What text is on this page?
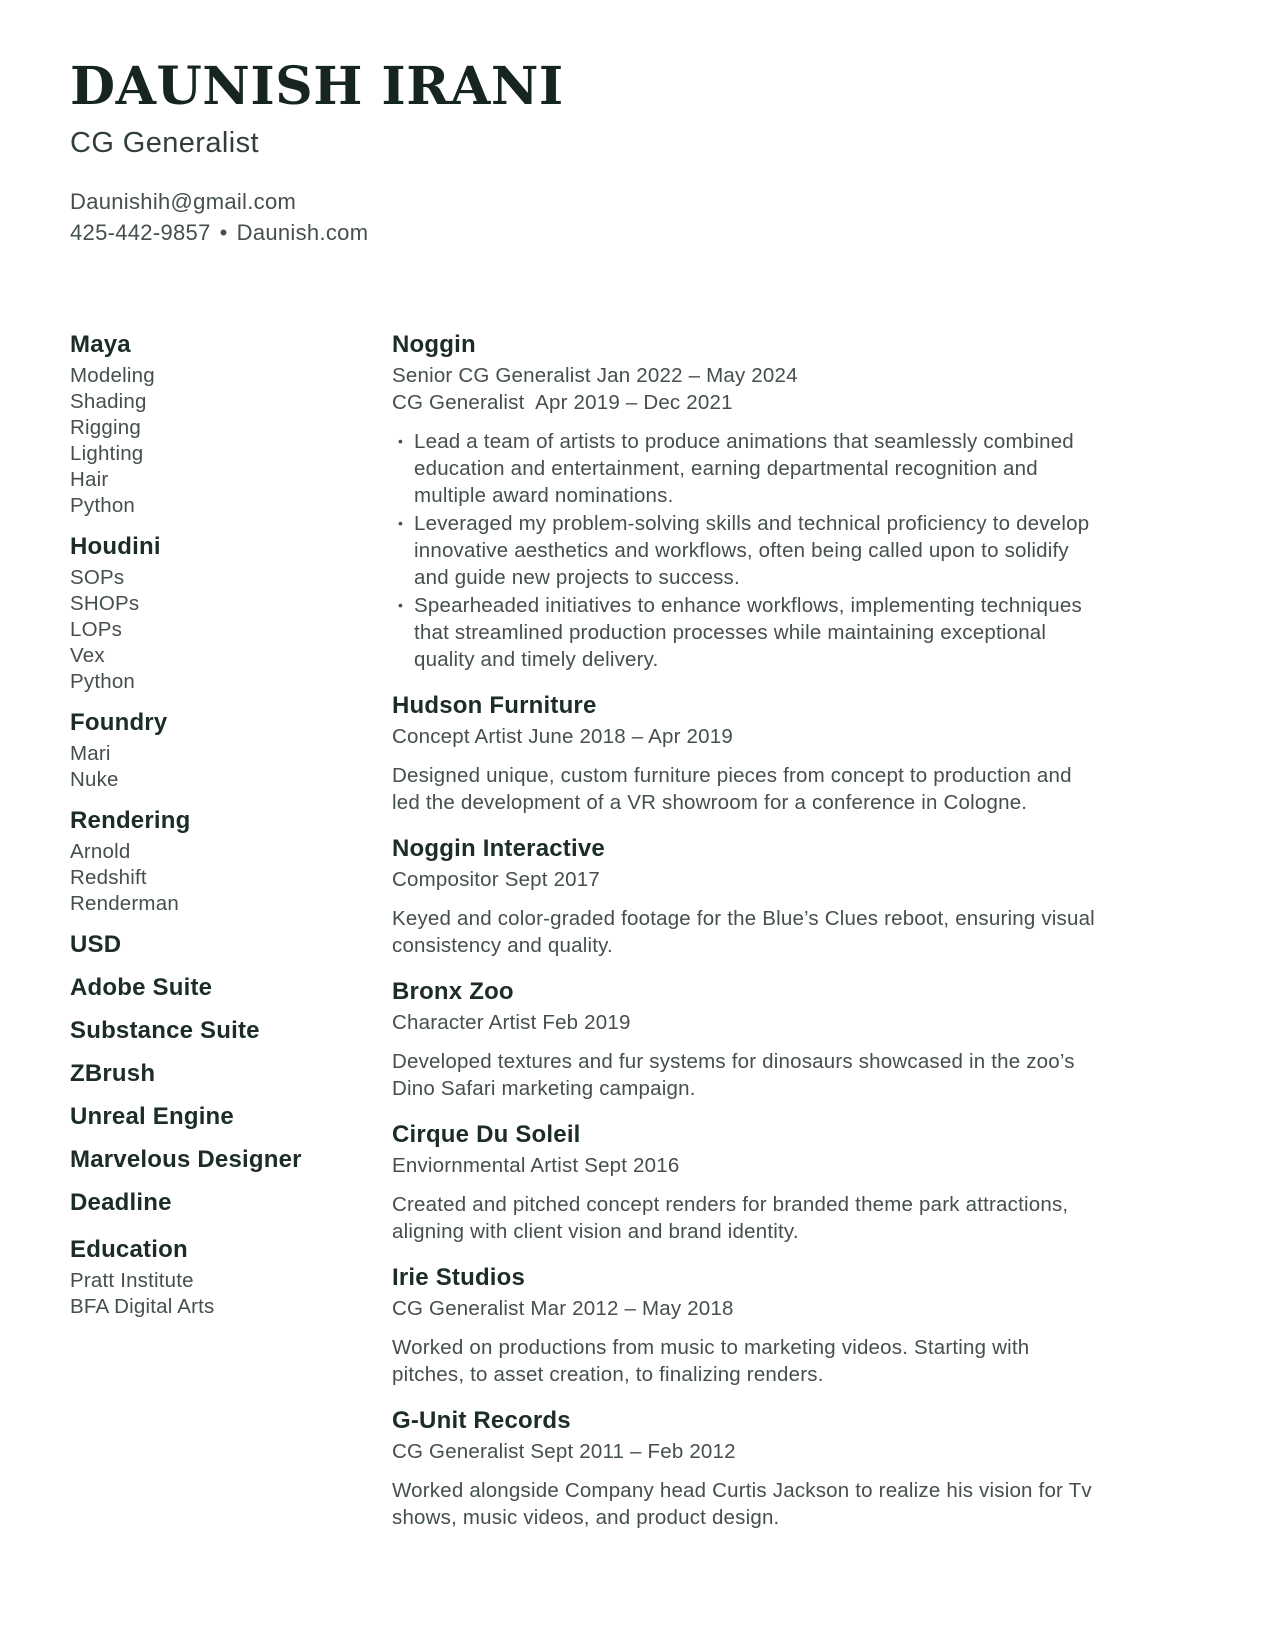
DAUNISH IRANI
CG Generalist
Daunishih@gmail.com
425-442-9857 • Daunish.com
Maya
Modeling
Shading
Rigging
Lighting
Hair
Python
Houdini
SOPs
SHOPs
LOPs
Vex
Python
Foundry
Mari
Nuke
Rendering
Arnold
Redshift
Renderman
USD
Adobe Suite
Substance Suite
ZBrush
Unreal Engine
Marvelous Designer
Deadline
Education
Pratt Institute
BFA Digital Arts
Noggin
Senior CG Generalist Jan 2022 – May 2024
CG Generalist  Apr 2019 – Dec 2021
• Lead a team of artists to produce animations that seamlessly combined education and entertainment, earning departmental recognition and multiple award nominations.
• Leveraged my problem-solving skills and technical proficiency to develop innovative aesthetics and workflows, often being called upon to solidify and guide new projects to success.
• Spearheaded initiatives to enhance workflows, implementing techniques that streamlined production processes while maintaining exceptional quality and timely delivery.
Hudson Furniture
Concept Artist June 2018 – Apr 2019

Designed unique, custom furniture pieces from concept to production and led the development of a VR showroom for a conference in Cologne.

Noggin Interactive
Compositor Sept 2017

Keyed and color-graded footage for the Blue’s Clues reboot, ensuring visual consistency and quality.

Bronx Zoo
Character Artist Feb 2019

Developed textures and fur systems for dinosaurs showcased in the zoo’s Dino Safari marketing campaign.

Cirque Du Soleil
Enviornmental Artist Sept 2016

Created and pitched concept renders for branded theme park attractions, aligning with client vision and brand identity.

Irie Studios
CG Generalist Mar 2012 – May 2018

Worked on productions from music to marketing videos. Starting with pitches, to asset creation, to finalizing renders.

G-Unit Records
CG Generalist Sept 2011 – Feb 2012

Worked alongside Company head Curtis Jackson to realize his vision for Tv shows, music videos, and product design.
